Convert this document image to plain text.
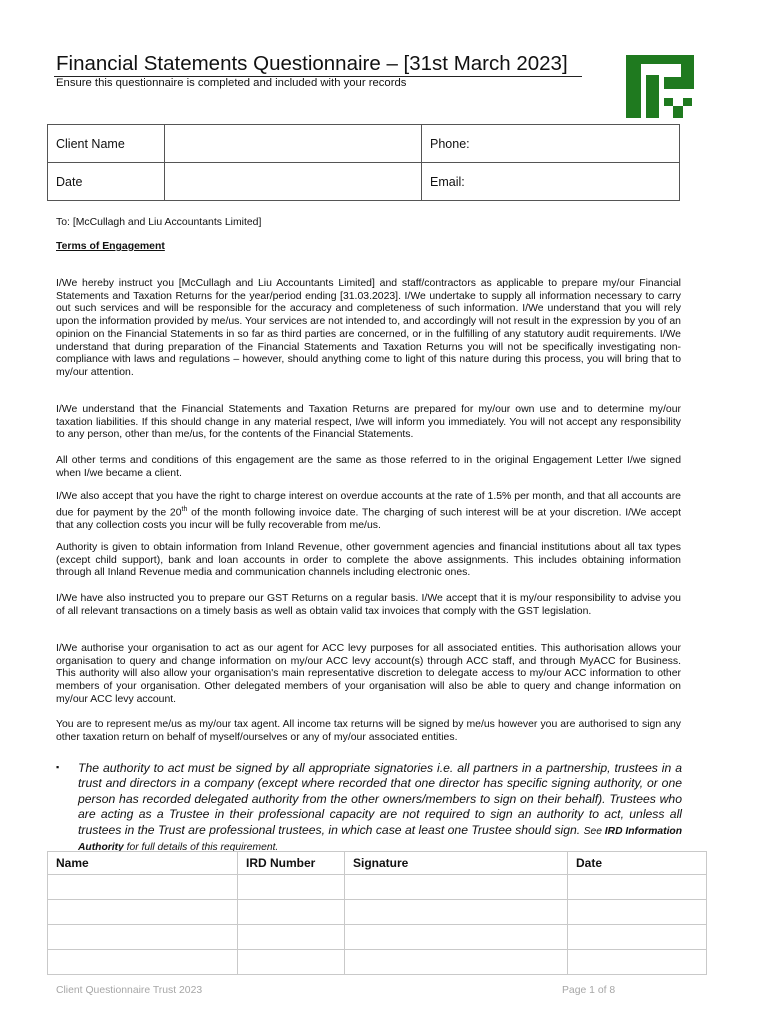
Financial Statements Questionnaire – [31st March 2023]
Ensure this questionnaire is completed and included with your records
Client Name		Phone:
Date		Email:
To: [McCullagh and Liu Accountants Limited]
Terms of Engagement

I/We hereby instruct you [McCullagh and Liu Accountants Limited] and staff/contractors as applicable to prepare my/our Financial Statements and Taxation Returns for the year/period ending [31.03.2023]. I/We undertake to supply all information necessary to carry out such services and will be responsible for the accuracy and completeness of such information. I/We understand that you will rely upon the information provided by me/us. Your services are not intended to, and accordingly will not result in the expression by you of an opinion on the Financial Statements in so far as third parties are concerned, or in the fulfilling of any statutory audit requirements. I/We understand that during preparation of the Financial Statements and Taxation Returns you will not be specifically investigating non-compliance with laws and regulations – however, should anything come to light of this nature during this process, you will bring that to my/our attention.

I/We understand that the Financial Statements and Taxation Returns are prepared for my/our own use and to determine my/our taxation liabilities. If this should change in any material respect, I/we will inform you immediately. You will not accept any responsibility to any person, other than me/us, for the contents of the Financial Statements.

All other terms and conditions of this engagement are the same as those referred to in the original Engagement Letter I/we signed when I/we became a client.

I/We also accept that you have the right to charge interest on overdue accounts at the rate of 1.5% per month, and that all accounts are due for payment by the 20th of the month following invoice date. The charging of such interest will be at your discretion. I/We accept that any collection costs you incur will be fully recoverable from me/us.

Authority is given to obtain information from Inland Revenue, other government agencies and financial institutions about all tax types (except child support), bank and loan accounts in order to complete the above assignments. This includes obtaining information through all Inland Revenue media and communication channels including electronic ones.

I/We have also instructed you to prepare our GST Returns on a regular basis. I/We accept that it is my/our responsibility to advise you of all relevant transactions on a timely basis as well as obtain valid tax invoices that comply with the GST legislation.

I/We authorise your organisation to act as our agent for ACC levy purposes for all associated entities. This authorisation allows your organisation to query and change information on my/our ACC levy account(s) through ACC staff, and through MyACC for Business. This authority will also allow your organisation's main representative discretion to delegate access to my/our ACC information to other members of your organisation. Other delegated members of your organisation will also be able to query and change information on my/our ACC levy account.

You are to represent me/us as my/our tax agent. All income tax returns will be signed by me/us however you are authorised to sign any other taxation return on behalf of myself/ourselves or any of my/our associated entities.

▪ The authority to act must be signed by all appropriate signatories i.e. all partners in a partnership, trustees in a trust and directors in a company (except where recorded that one director has specific signing authority, or one person has recorded delegated authority from the other owners/members to sign on their behalf). Trustees who are acting as a Trustee in their professional capacity are not required to sign an authority to act, unless all trustees in the Trust are professional trustees, in which case at least one Trustee should sign. See IRD Information Authority for full details of this requirement.
Name	IRD Number	Signature	Date

Client Questionnaire Trust 2023	Page 1 of 8
